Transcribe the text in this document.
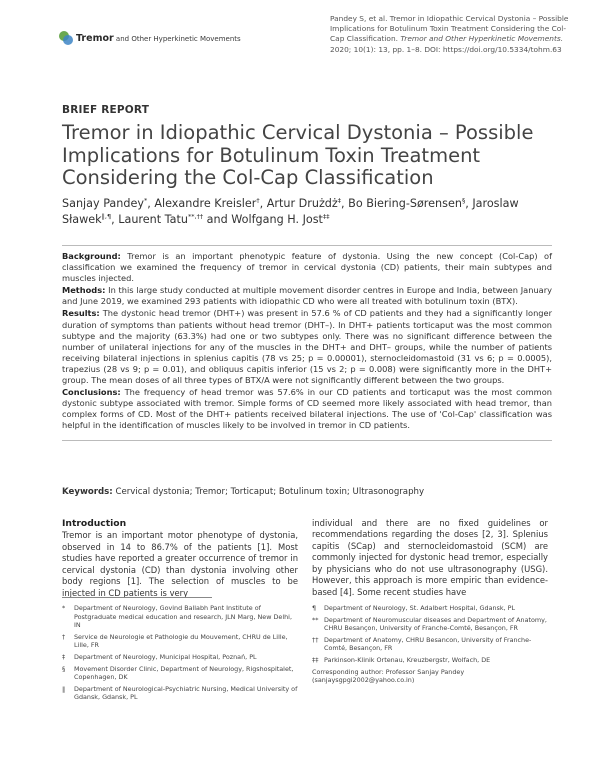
Tremor and Other Hyperkinetic Movements
Pandey S, et al. Tremor in Idiopathic Cervical Dystonia – Possible Implications for Botulinum Toxin Treatment Considering the Col-Cap Classification. Tremor and Other Hyperkinetic Movements. 2020; 10(1): 13, pp. 1–8. DOI: https://doi.org/10.5334/tohm.63
BRIEF REPORT
Tremor in Idiopathic Cervical Dystonia – Possible Implications for Botulinum Toxin Treatment Considering the Col-Cap Classification
Sanjay Pandey*, Alexandre Kreisler†, Artur Drużdż‡, Bo Biering-Sørensen§, Jaroslaw Sławek‖,¶, Laurent Tatu**,†† and Wolfgang H. Jost‡‡

Background: Tremor is an important phenotypic feature of dystonia. Using the new concept (Col-Cap) of classification we examined the frequency of tremor in cervical dystonia (CD) patients, their main subtypes and muscles injected.

Methods: In this large study conducted at multiple movement disorder centres in Europe and India, between January and June 2019, we examined 293 patients with idiopathic CD who were all treated with botulinum toxin (BTX).

Results: The dystonic head tremor (DHT+) was present in 57.6 % of CD patients and they had a significantly longer duration of symptoms than patients without head tremor (DHT–). In DHT+ patients torticaput was the most common subtype and the majority (63.3%) had one or two subtypes only. There was no significant difference between the number of unilateral injections for any of the muscles in the DHT+ and DHT– groups, while the number of patients receiving bilateral injections in splenius capitis (78 vs 25; p = 0.00001), sternocleidomastoid (31 vs 6; p = 0.0005), trapezius (28 vs 9; p = 0.01), and obliquus capitis inferior (15 vs 2; p = 0.008) were significantly more in the DHT+ group. The mean doses of all three types of BTX/A were not significantly different between the two groups.

Conclusions: The frequency of head tremor was 57.6% in our CD patients and torticaput was the most common dystonic subtype associated with tremor. Simple forms of CD seemed more likely associated with head tremor, than complex forms of CD. Most of the DHT+ patients received bilateral injections. The use of 'Col-Cap' classification was helpful in the identification of muscles likely to be involved in tremor in CD patients.

Keywords: Cervical dystonia; Tremor; Torticaput; Botulinum toxin; Ultrasonography
Introduction

Tremor is an important motor phenotype of dystonia, observed in 14 to 86.7% of the patients [1]. Most studies have reported a greater occurrence of tremor in cervical dystonia (CD) than dystonia involving other body regions [1]. The selection of muscles to be injected in CD patients is very

individual and there are no fixed guidelines or recommendations regarding the doses [2, 3]. Splenius capitis (SCap) and sternocleidomastoid (SCM) are commonly injected for dystonic head tremor, especially by physicians who do not use ultrasonography (USG). However, this approach is more empiric than evidence-based [4]. Some recent studies have

*	Department of Neurology, Govind Ballabh Pant Institute of Postgraduate medical education and research, JLN Marg, New Delhi, IN
†	Service de Neurologie et Pathologie du Mouvement, CHRU de Lille, Lille, FR
‡	Department of Neurology, Municipal Hospital, Poznań, PL
§	Movement Disorder Clinic, Department of Neurology, Rigshospitalet, Copenhagen, DK
‖	Department of Neurological-Psychiatric Nursing, Medical University of Gdansk, Gdansk, PL
¶	Department of Neurology, St. Adalbert Hospital, Gdansk, PL
** Department of Neuromuscular diseases and Department of Anatomy, CHRU Besançon, University of Franche-Comté, Besançon, FR
†† Department of Anatomy, CHRU Besancon, University of Franche-Comté, Besançon, FR
‡‡ Parkinson-Klinik Ortenau, Kreuzbergstr, Wolfach, DE
Corresponding author: Professor Sanjay Pandey (sanjaysgpgi2002@yahoo.co.in)
